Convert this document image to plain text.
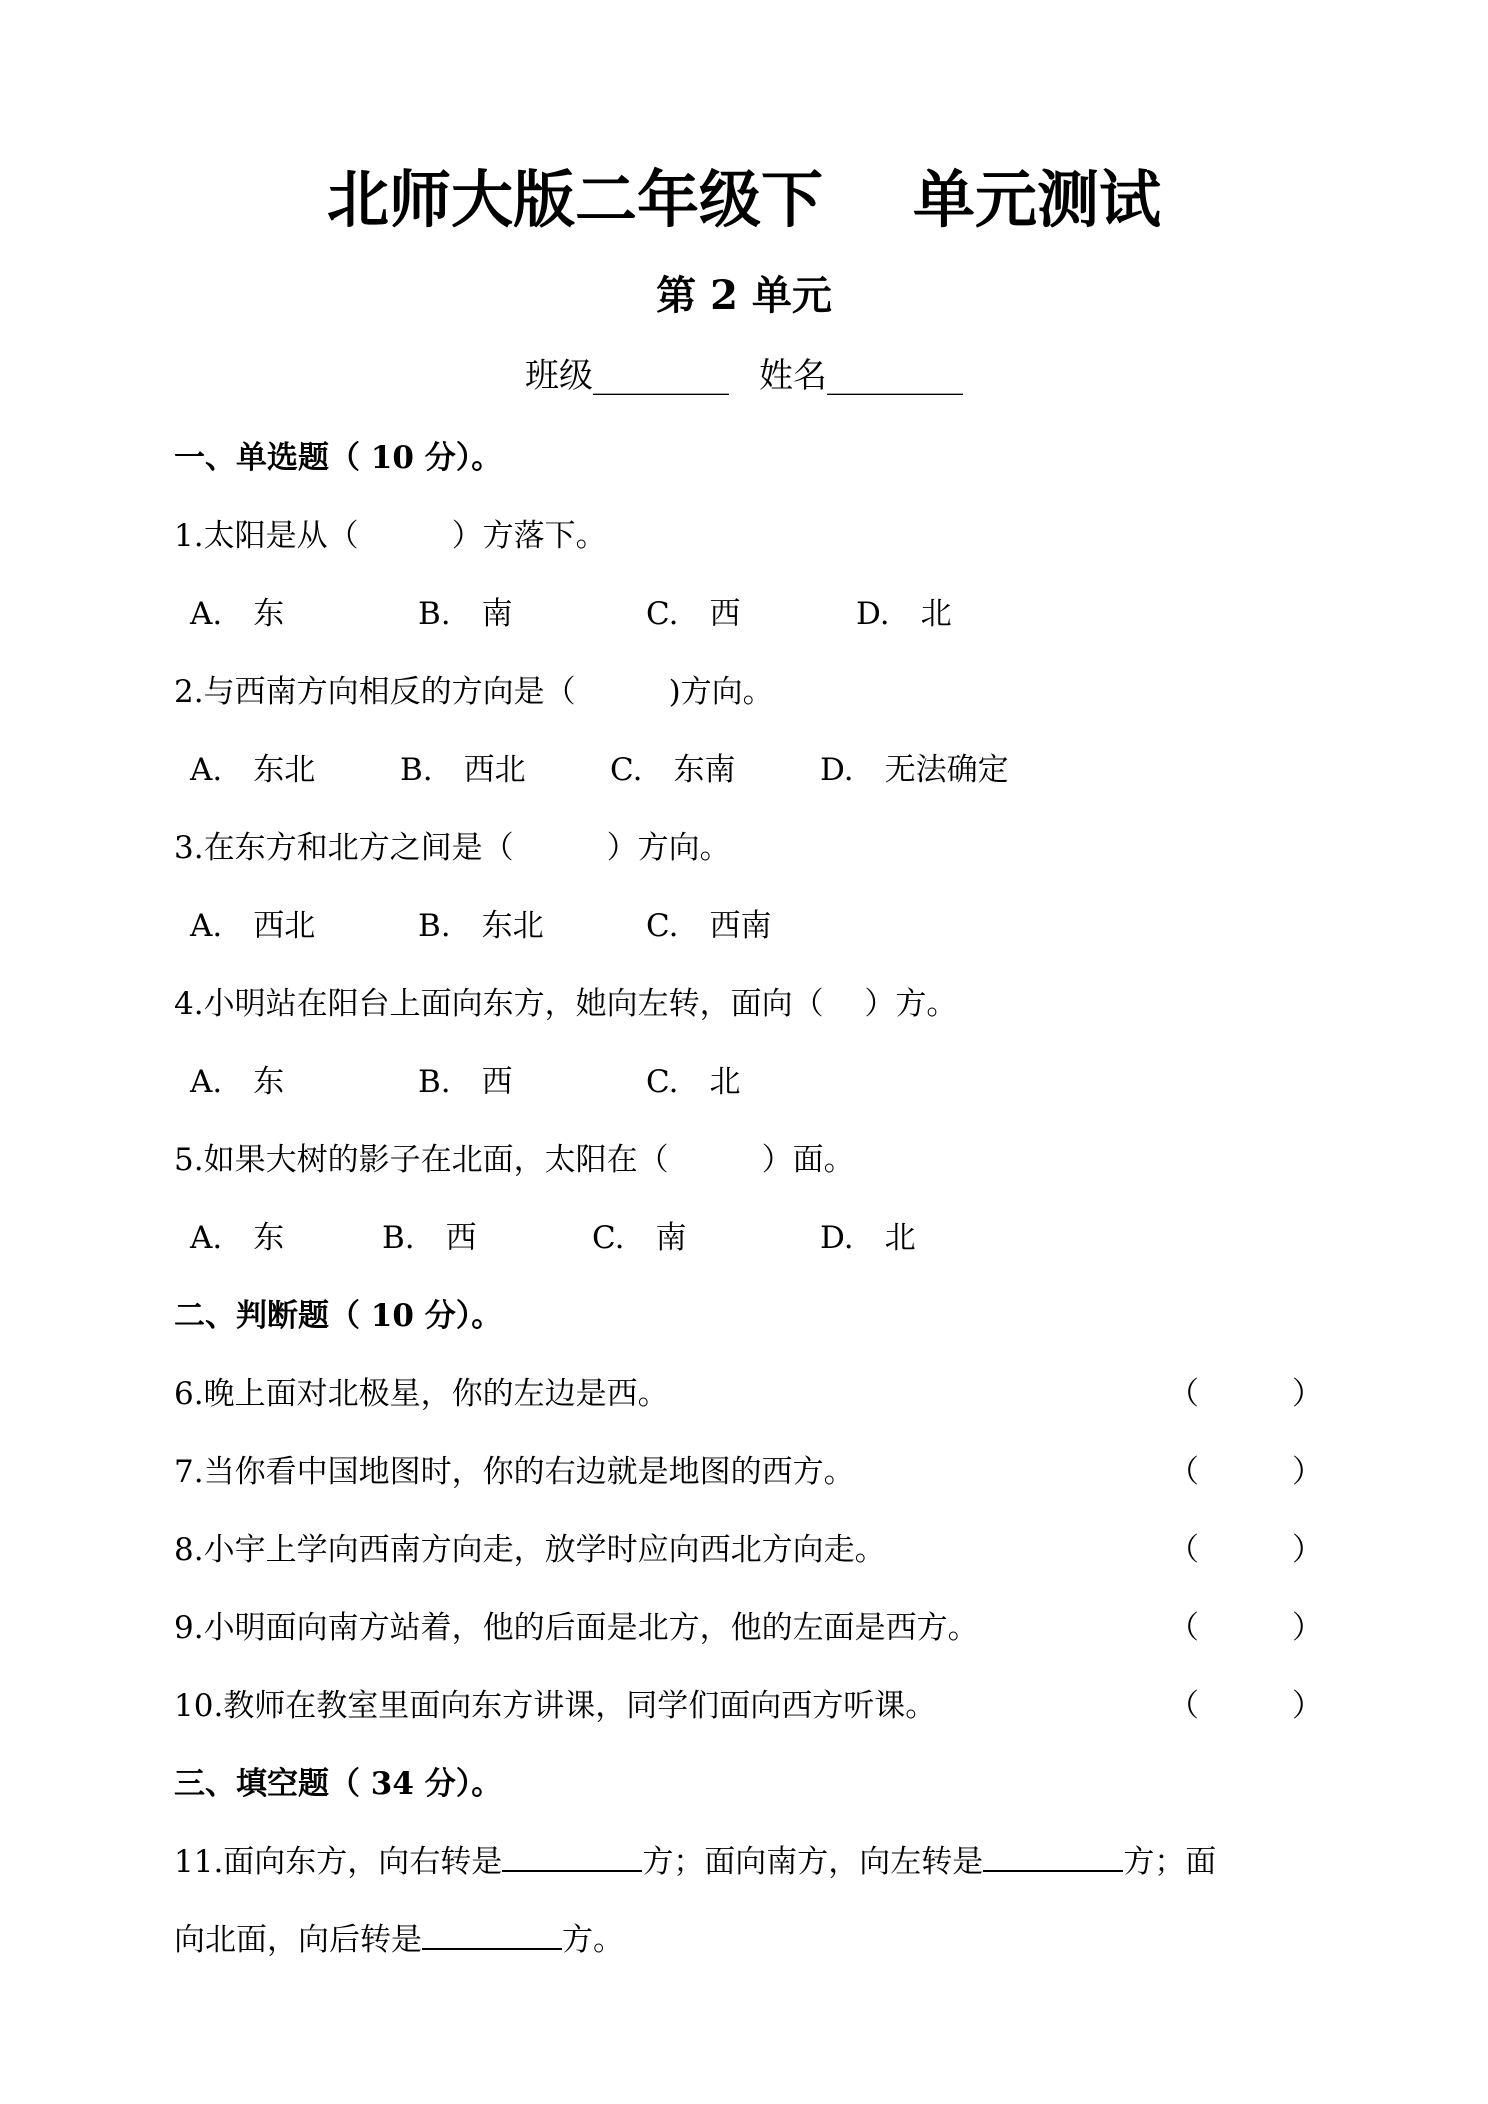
北师大版二年级下 单元测试
第 2 单元
班级________ 姓名________
一、单选题（ 10 分）。
1.太阳是从（　　　）方落下。
A.　东	B.　南	C.　西	D.　北
2.与西南方向相反的方向是（　　　)方向。
A.　东北	B.　西北	C.　东南	D.　无法确定
3.在东方和北方之间是（　　　）方向。
A.　西北	B.　东北	C.　西南
4.小明站在阳台上面向东方，她向左转，面向（　 ）方。
A.　东	B.　西	C.　北
5.如果大树的影子在北面，太阳在（　　　）面。
A.　东	B.　西	C.　南	D.　北
二、判断题（ 10 分）。
6.晚上面对北极星，你的左边是西。	（　　　）
7.当你看中国地图时，你的右边就是地图的西方。	（　　　）
8.小宇上学向西南方向走，放学时应向西北方向走。	（　　　）
9.小明面向南方站着，他的后面是北方，他的左面是西方。	（　　　）
10.教师在教室里面向东方讲课，同学们面向西方听课。	（　　　）
三、填空题（ 34 分）。
11.面向东方，向右转是	方；面向南方，向左转是	方；面
向北面，向后转是	方。
